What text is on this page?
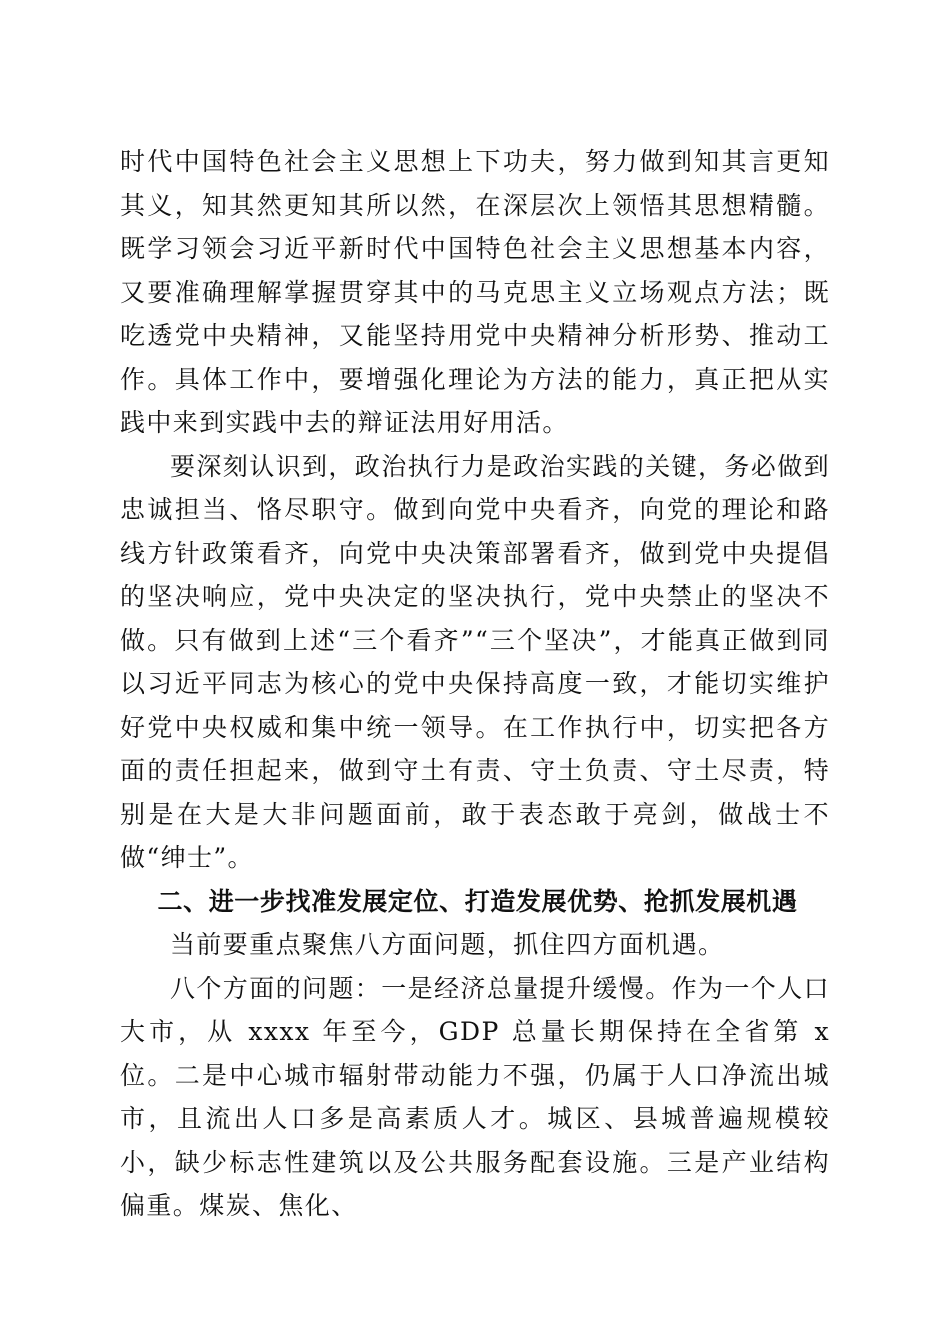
时代中国特色社会主义思想上下功夫，努力做到知其言更知其义，知其然更知其所以然，在深层次上领悟其思想精髓。既学习领会习近平新时代中国特色社会主义思想基本内容，又要准确理解掌握贯穿其中的马克思主义立场观点方法；既吃透党中央精神，又能坚持用党中央精神分析形势、推动工作。具体工作中，要增强化理论为方法的能力，真正把从实践中来到实践中去的辩证法用好用活。

要深刻认识到，政治执行力是政治实践的关键，务必做到忠诚担当、恪尽职守。做到向党中央看齐，向党的理论和路线方针政策看齐，向党中央决策部署看齐，做到党中央提倡的坚决响应，党中央决定的坚决执行，党中央禁止的坚决不做。只有做到上述“三个看齐”“三个坚决”，才能真正做到同以习近平同志为核心的党中央保持高度一致，才能切实维护好党中央权威和集中统一领导。在工作执行中，切实把各方面的责任担起来，做到守土有责、守土负责、守土尽责，特别是在大是大非问题面前，敢于表态敢于亮剑，做战士不做“绅士”。

二、进一步找准发展定位、打造发展优势、抢抓发展机遇

当前要重点聚焦八方面问题，抓住四方面机遇。

八个方面的问题：一是经济总量提升缓慢。作为一个人口大市，从 xxxx 年至今，GDP 总量长期保持在全省第 x 位。二是中心城市辐射带动能力不强，仍属于人口净流出城市，且流出人口多是高素质人才。城区、县城普遍规模较小，缺少标志性建筑以及公共服务配套设施。三是产业结构偏重。煤炭、焦化、
